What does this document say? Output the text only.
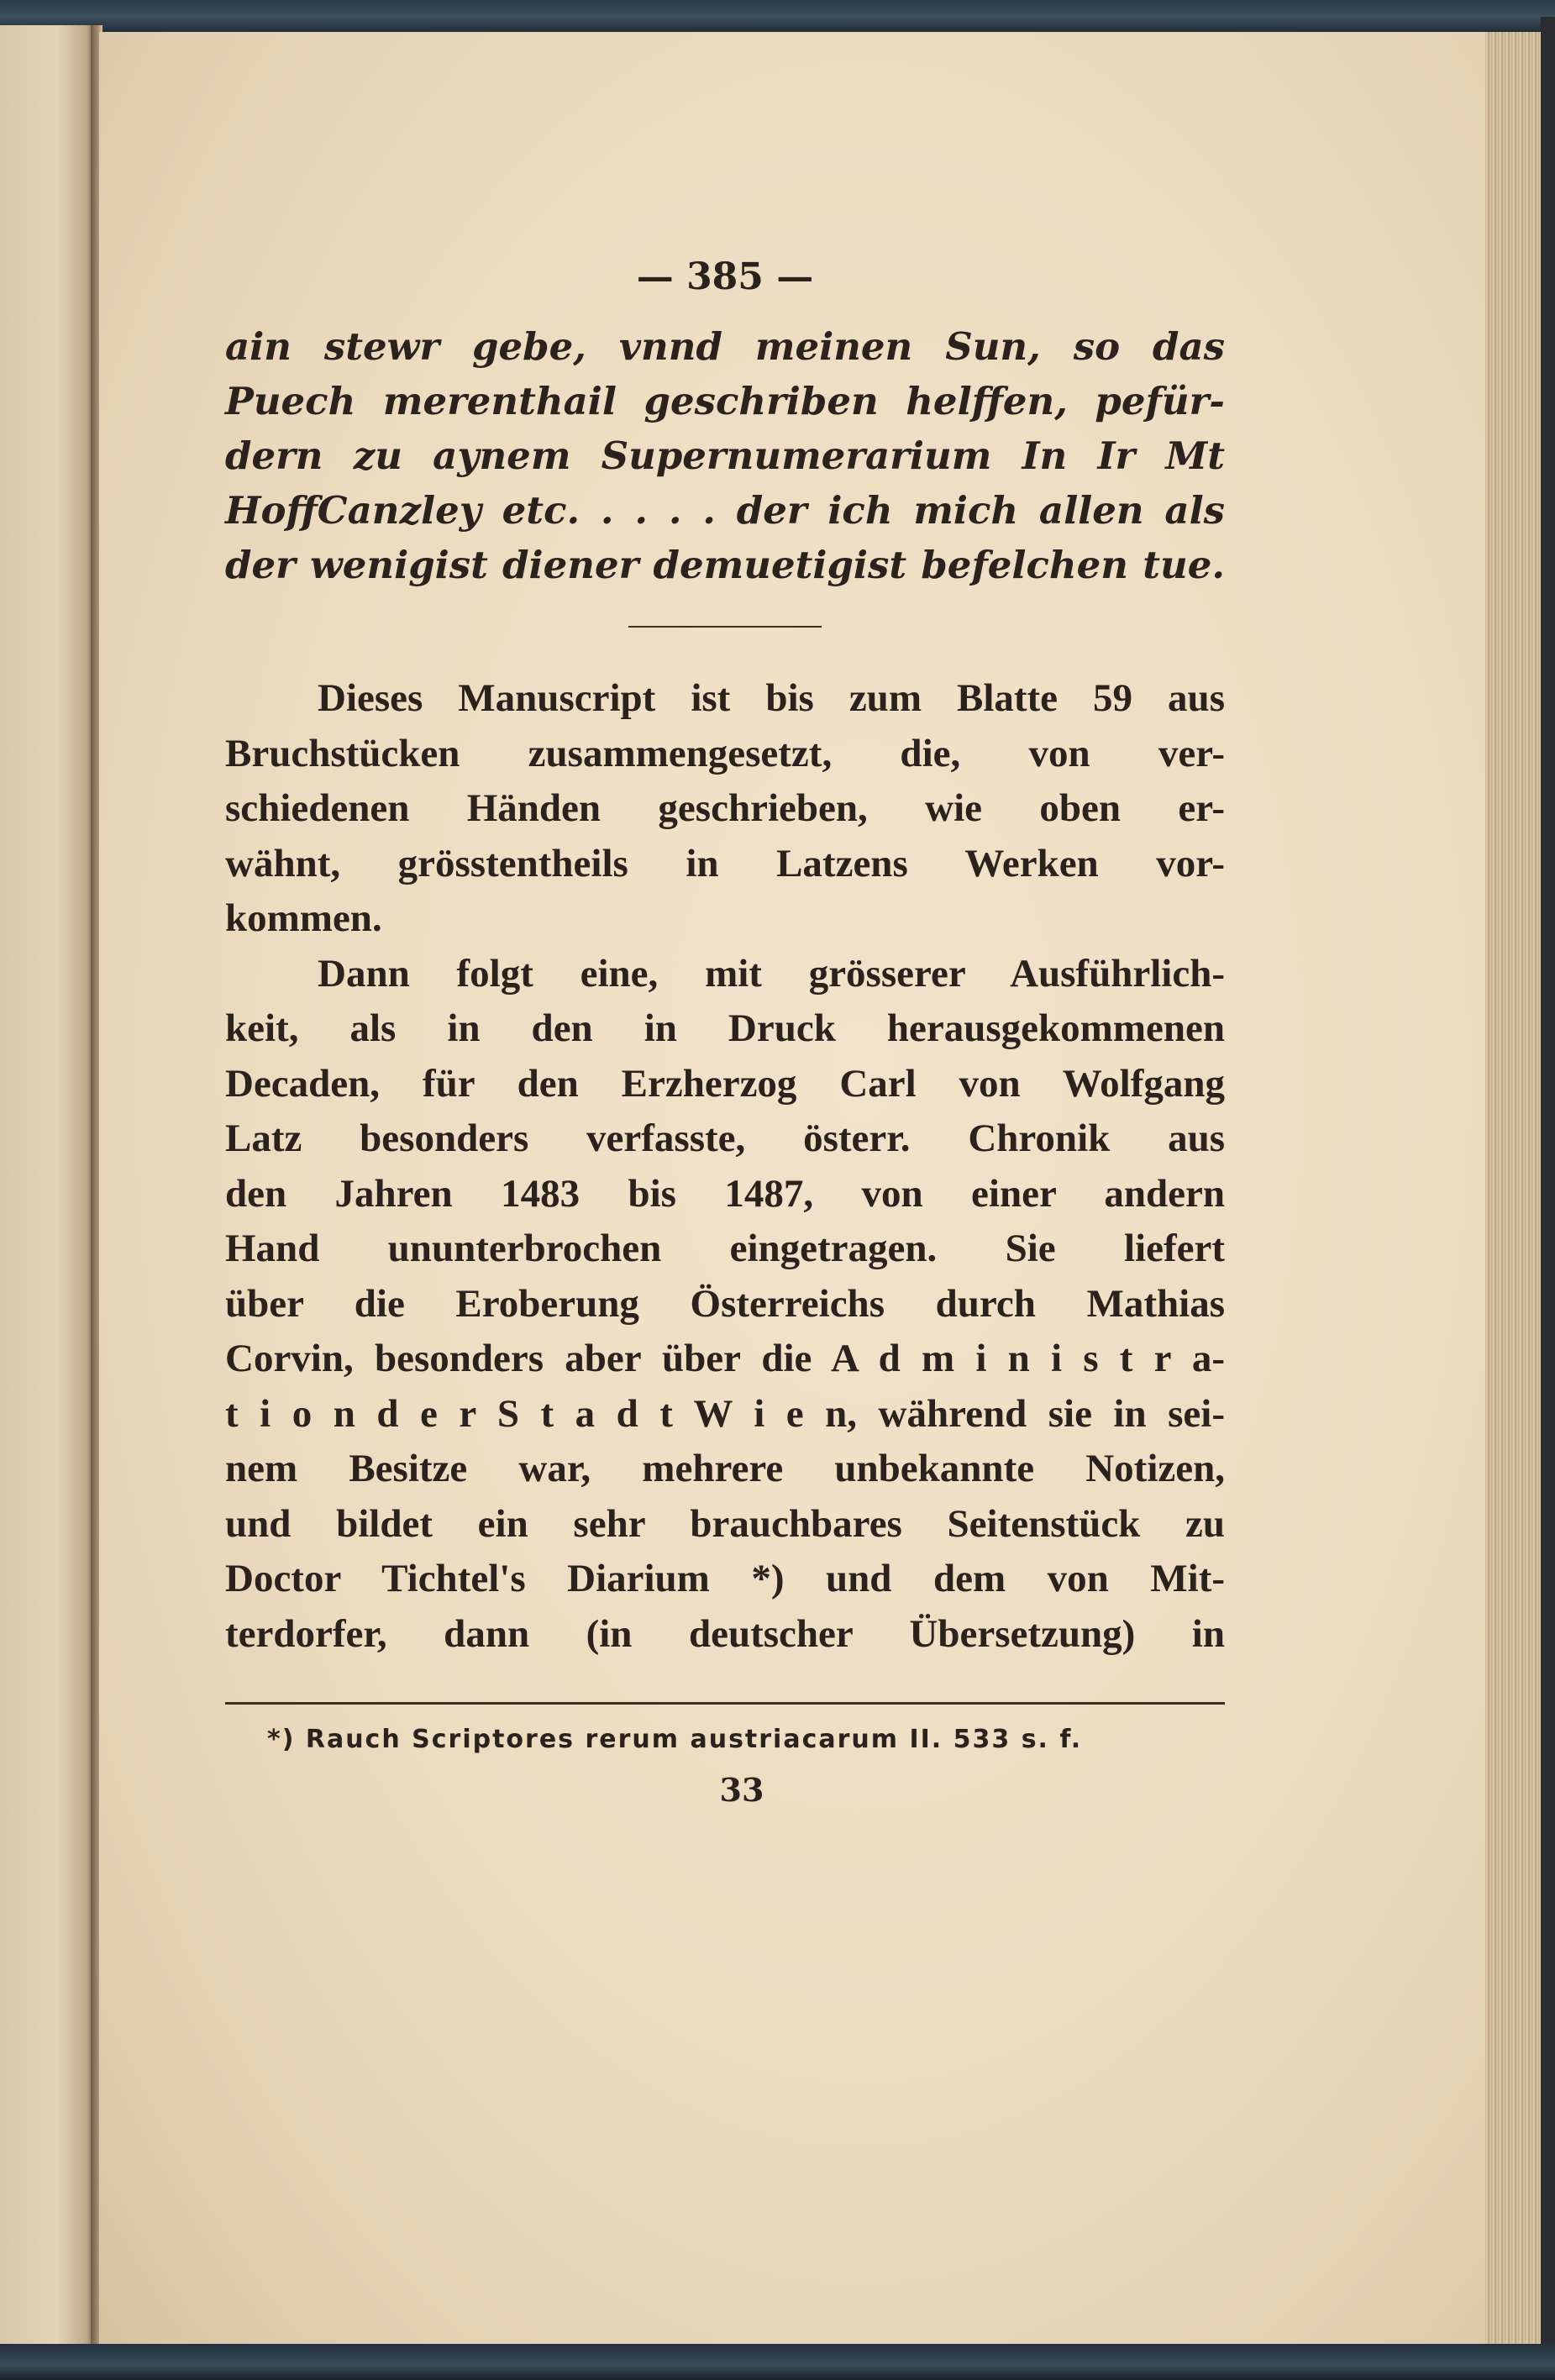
— 385 —
ain stewr gebe, vnnd meinen Sun, so das
Puech merenthail geschriben helffen, pefür-
dern zu aynem Supernumerarium In Ir Mt
HoffCanzley etc. . . . . der ich mich allen als
der wenigist diener demuetigist befelchen tue.
Dieses Manuscript ist bis zum Blatte 59 aus
Bruchstücken zusammengesetzt, die, von ver-
schiedenen Händen geschrieben, wie oben er-
wähnt, grösstentheils in Latzens Werken vor-
kommen.
Dann folgt eine, mit grösserer Ausführlich-
keit, als in den in Druck herausgekommenen
Decaden, für den Erzherzog Carl von Wolfgang
Latz besonders verfasste, österr. Chronik aus
den Jahren 1483 bis 1487, von einer andern
Hand ununterbrochen eingetragen. Sie liefert
über die Eroberung Österreichs durch Mathias
Corvin, besonders aber über die A d m i n i s t r a-
t i o n d e r S t a d t W i e n, während sie in sei-
nem Besitze war, mehrere unbekannte Notizen,
und bildet ein sehr brauchbares Seitenstück zu
Doctor Tichtel's Diarium *) und dem von Mit-
terdorfer, dann (in deutscher Übersetzung) in
*) Rauch Scriptores rerum austriacarum II. 533 s. f.
33
